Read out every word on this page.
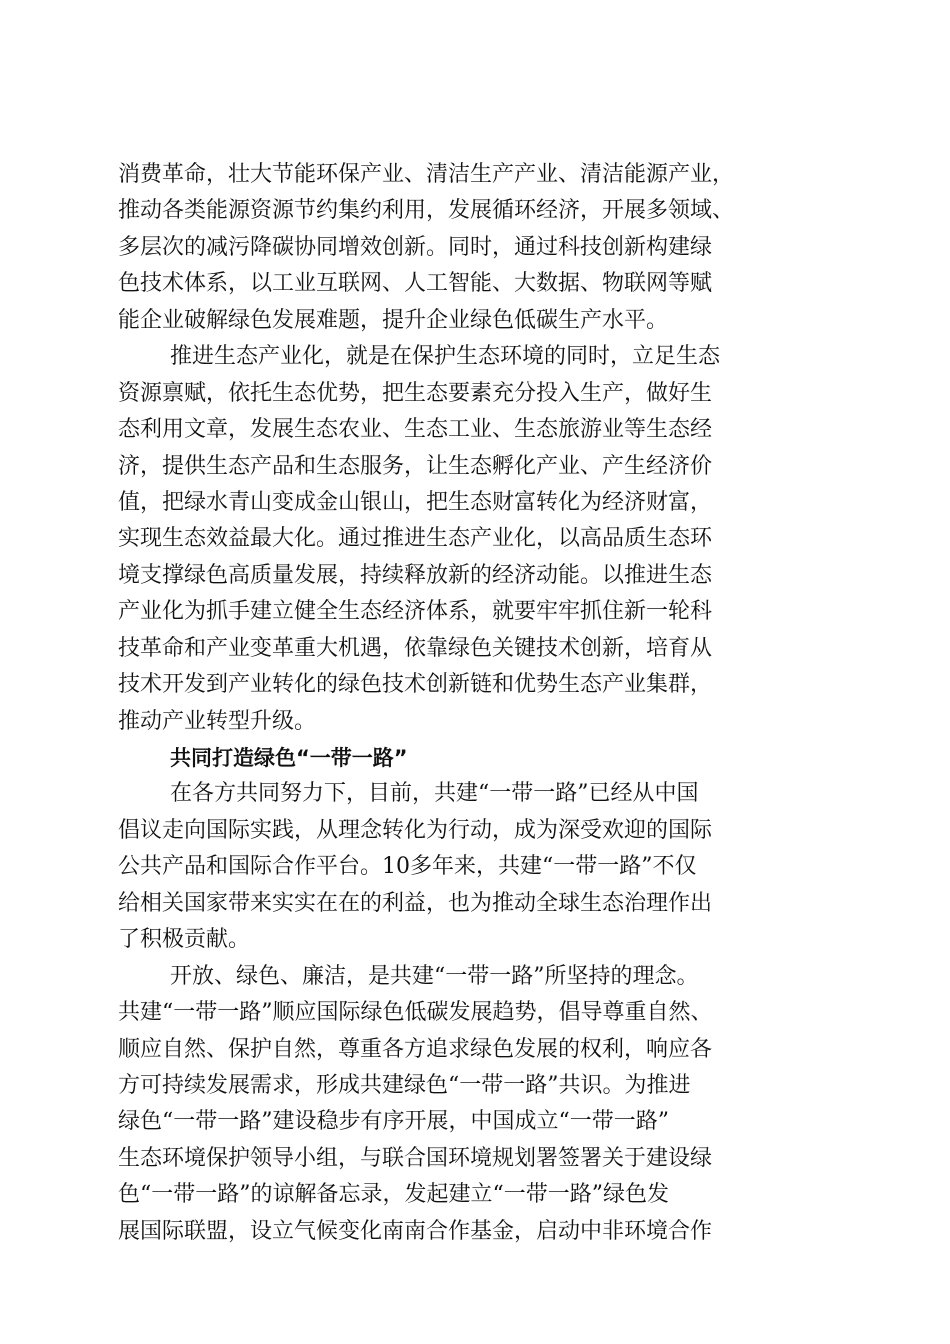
消费革命，壮大节能环保产业、清洁生产产业、清洁能源产业，
推动各类能源资源节约集约利用，发展循环经济，开展多领域、
多层次的减污降碳协同增效创新。同时，通过科技创新构建绿
色技术体系，以工业互联网、人工智能、大数据、物联网等赋
能企业破解绿色发展难题，提升企业绿色低碳生产水平。
推进生态产业化，就是在保护生态环境的同时，立足生态
资源禀赋，依托生态优势，把生态要素充分投入生产，做好生
态利用文章，发展生态农业、生态工业、生态旅游业等生态经
济，提供生态产品和生态服务，让生态孵化产业、产生经济价
值，把绿水青山变成金山银山，把生态财富转化为经济财富，
实现生态效益最大化。通过推进生态产业化，以高品质生态环
境支撑绿色高质量发展，持续释放新的经济动能。以推进生态
产业化为抓手建立健全生态经济体系，就要牢牢抓住新一轮科
技革命和产业变革重大机遇，依靠绿色关键技术创新，培育从
技术开发到产业转化的绿色技术创新链和优势生态产业集群，
推动产业转型升级。
共同打造绿色“一带一路”
在各方共同努力下，目前，共建“一带一路”已经从中国
倡议走向国际实践，从理念转化为行动，成为深受欢迎的国际
公共产品和国际合作平台。10多年来，共建“一带一路”不仅
给相关国家带来实实在在的利益，也为推动全球生态治理作出
了积极贡献。
开放、绿色、廉洁，是共建“一带一路”所坚持的理念。
共建“一带一路”顺应国际绿色低碳发展趋势，倡导尊重自然、
顺应自然、保护自然，尊重各方追求绿色发展的权利，响应各
方可持续发展需求，形成共建绿色“一带一路”共识。为推进
绿色“一带一路”建设稳步有序开展，中国成立“一带一路”
生态环境保护领导小组，与联合国环境规划署签署关于建设绿
色“一带一路”的谅解备忘录，发起建立“一带一路”绿色发
展国际联盟，设立气候变化南南合作基金，启动中非环境合作
